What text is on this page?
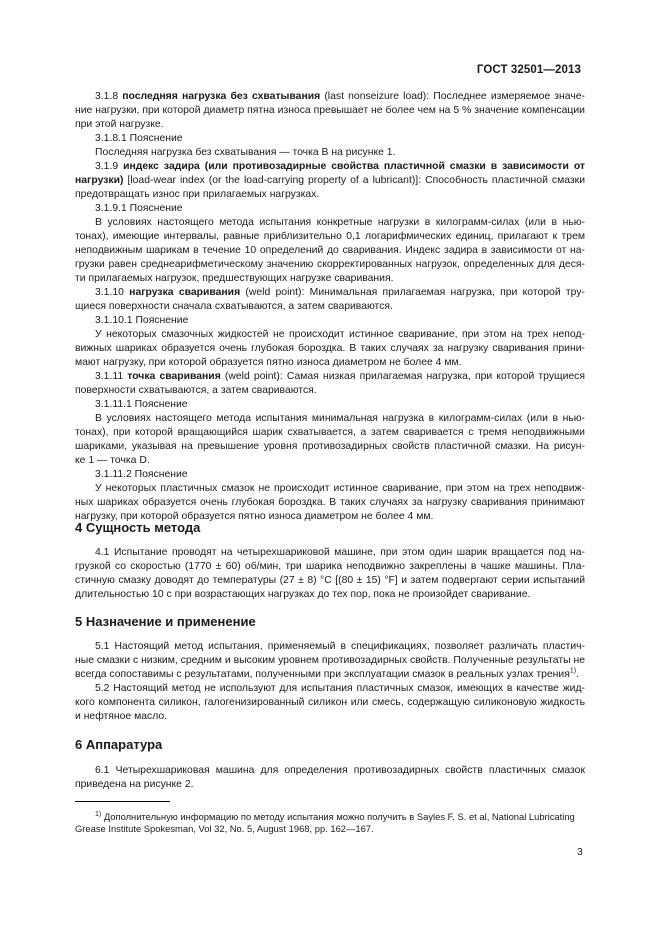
ГОСТ 32501—2013
3.1.8 последняя нагрузка без схватывания (last nonseizure load): Последнее измеряемое значе-
ние нагрузки, при которой диаметр пятна износа превышает не более чем на 5 % значение компенсации
при этой нагрузке.
3.1.8.1 Пояснение
Последняя нагрузка без схватывания — точка В на рисунке 1.
3.1.9 индекс задира (или противозадирные свойства пластичной смазки в зависимости от
нагрузки) [load-wear index (or the load-carrying property of a lubricant)]: Способность пластичной смазки
предотвращать износ при прилагаемых нагрузках.
3.1.9.1 Пояснение
В условиях настоящего метода испытания конкретные нагрузки в килограмм-силах (или в нью-
тонах), имеющие интервалы, равные приблизительно 0,1 логарифмических единиц, прилагают к трем
неподвижным шарикам в течение 10 определений до сваривания. Индекс задира в зависимости от на-
грузки равен среднеарифметическому значению скорректированных нагрузок, определенных для деся-
ти прилагаемых нагрузок, предшествующих нагрузке сваривания.
3.1.10 нагрузка сваривания (weld point): Минимальная прилагаемая нагрузка, при которой тру-
щиеся поверхности сначала схватываются, а затем свариваются.
3.1.10.1 Пояснение
У некоторых смазочных жидкостей не происходит истинное сваривание, при этом на трех непод-
вижных шариках образуется очень глубокая бороздка. В таких случаях за нагрузку сваривания прини-
мают нагрузку, при которой образуется пятно износа диаметром не более 4 мм.
3.1.11 точка сваривания (weld point): Самая низкая прилагаемая нагрузка, при которой трущиеся
поверхности схватываются, а затем свариваются.
3.1.11.1 Пояснение
В условиях настоящего метода испытания минимальная нагрузка в килограмм-силах (или в нью-
тонах), при которой вращающийся шарик схватывается, а затем сваривается с тремя неподвижными
шариками, указывая на превышение уровня противозадирных свойств пластичной смазки. На рисун-
ке 1 — точка D.
3.1.11.2 Пояснение
У некоторых пластичных смазок не происходит истинное сваривание, при этом на трех неподвиж-
ных шариках образуется очень глубокая бороздка. В таких случаях за нагрузку сваривания принимают
нагрузку, при которой образуется пятно износа диаметром не более 4 мм.
4 Сущность метода
4.1 Испытание проводят на четырехшариковой машине, при этом один шарик вращается под на-
грузкой со скоростью (1770 ± 60) об/мин, три шарика неподвижно закреплены в чашке машины. Пла-
стичную смазку доводят до температуры (27 ± 8) °С [(80 ± 15) °F] и затем подвергают серии испытаний
длительностью 10 с при возрастающих нагрузках до тех пор, пока не произойдет сваривание.
5 Назначение и применение
5.1 Настоящий метод испытания, применяемый в спецификациях, позволяет различать пластич-
ные смазки с низким, средним и высоким уровнем противозадирных свойств. Полученные результаты не
всегда сопоставимы с результатами, полученными при эксплуатации смазок в реальных узлах трения$^{1)}$.
5.2 Настоящий метод не используют для испытания пластичных смазок, имеющих в качестве жид-
кого компонента силикон, галогенизированный силикон или смесь, содержащую силиконовую жидкость
и нефтяное масло.
6 Аппаратура
6.1 Четырехшариковая машина для определения противозадирных свойств пластичных смазок
приведена на рисунке 2.
$^{1)}$ Дополнительную информацию по методу испытания можно получить в Sayles F. S. et al, National Lubricating
Grease Institute Spokesman, Vol 32, No. 5, August 1968, pp. 162—167.
3
